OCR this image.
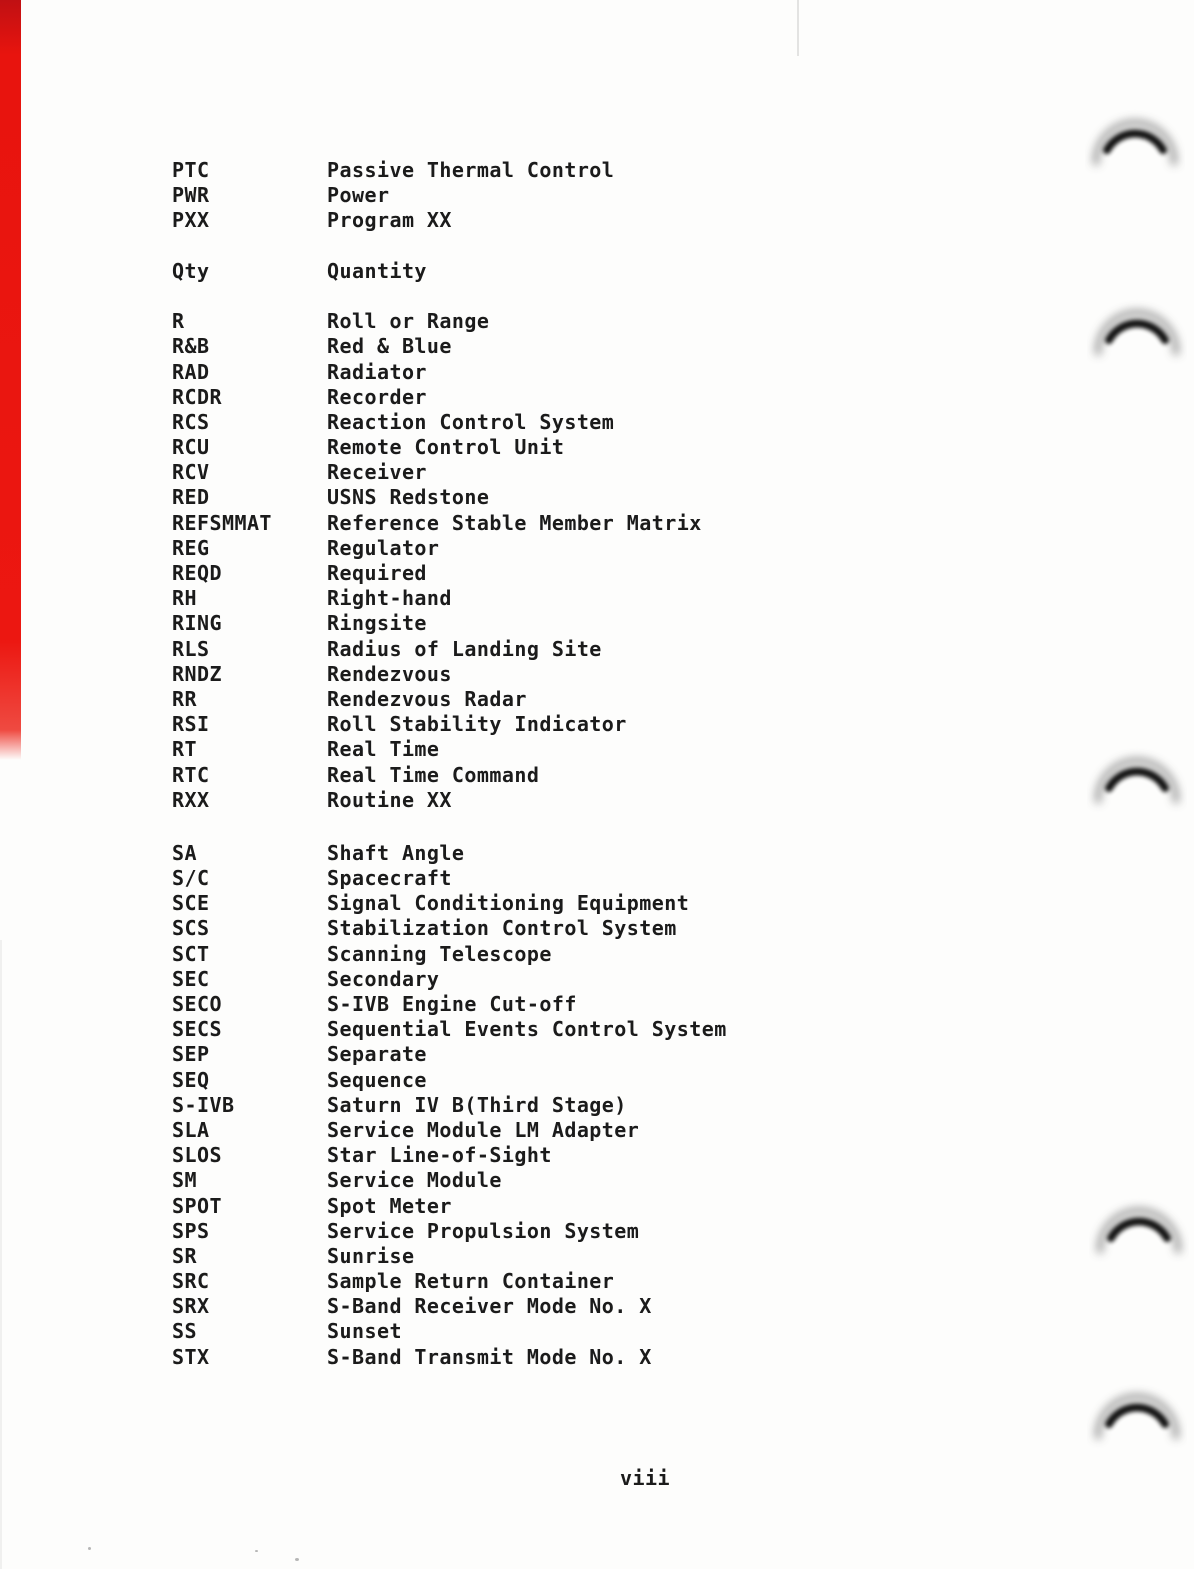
PTC	Passive Thermal Control
PWR	Power
PXX	Program XX
Qty	Quantity
R	Roll or Range
R&B	Red & Blue
RAD	Radiator
RCDR	Recorder
RCS	Reaction Control System
RCU	Remote Control Unit
RCV	Receiver
RED	USNS Redstone
REFSMMAT	Reference Stable Member Matrix
REG	Regulator
REQD	Required
RH	Right-hand
RING	Ringsite
RLS	Radius of Landing Site
RNDZ	Rendezvous
RR	Rendezvous Radar
RSI	Roll Stability Indicator
RT	Real Time
RTC	Real Time Command
RXX	Routine XX
SA	Shaft Angle
S/C	Spacecraft
SCE	Signal Conditioning Equipment
SCS	Stabilization Control System
SCT	Scanning Telescope
SEC	Secondary
SECO	S-IVB Engine Cut-off
SECS	Sequential Events Control System
SEP	Separate
SEQ	Sequence
S-IVB	Saturn IV B(Third Stage)
SLA	Service Module LM Adapter
SLOS	Star Line-of-Sight
SM	Service Module
SPOT	Spot Meter
SPS	Service Propulsion System
SR	Sunrise
SRC	Sample Return Container
SRX	S-Band Receiver Mode No. X
SS	Sunset
STX	S-Band Transmit Mode No. X
viii
